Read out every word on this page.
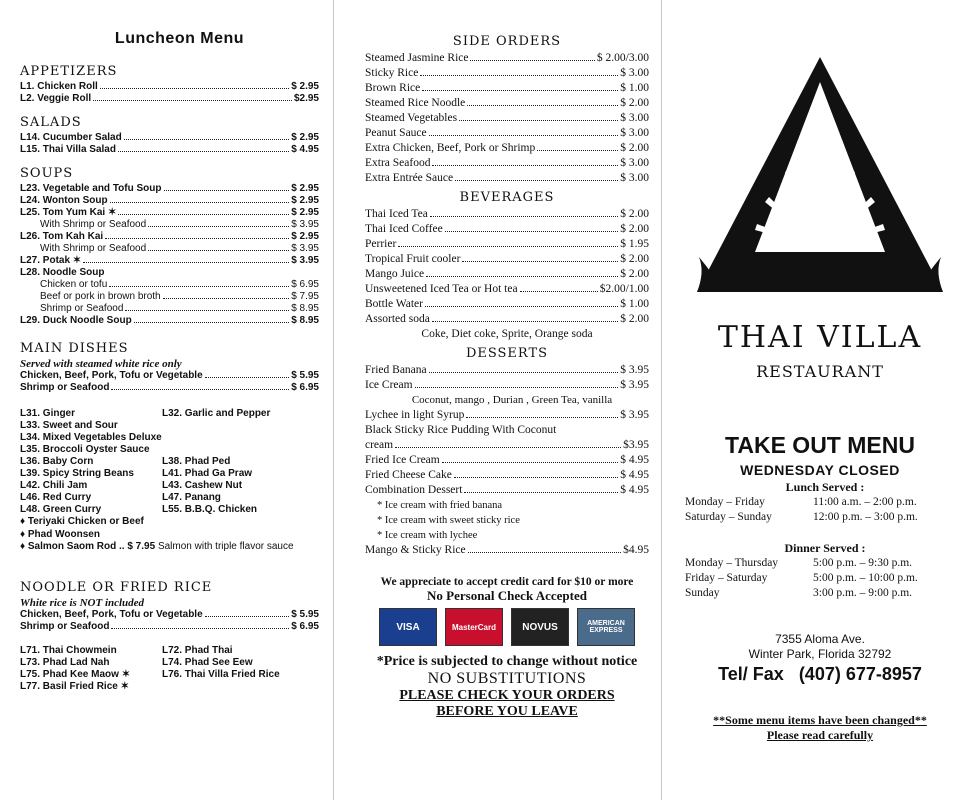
Luncheon Menu
APPETIZERS
L1. Chicken Roll	$ 2.95
L2. Veggie Roll	$2.95
SALADS
L14. Cucumber Salad	$ 2.95
L15. Thai Villa Salad	$ 4.95
SOUPS
L23. Vegetable and Tofu Soup	$ 2.95
L24. Wonton Soup	$ 2.95
L25. Tom Yum Kai ✶	$ 2.95
With Shrimp or Seafood	$ 3.95
L26. Tom Kah Kai	$ 2.95
With Shrimp or Seafood	$ 3.95
L27. Potak ✶	$ 3.95
L28. Noodle Soup
Chicken or tofu	$ 6.95
Beef or pork in brown broth	$ 7.95
Shrimp or Seafood	$ 8.95
L29. Duck Noodle Soup	$ 8.95
MAIN DISHES
Served with steamed white rice only
Chicken, Beef, Pork, Tofu or Vegetable	$ 5.95
Shrimp or Seafood	$ 6.95
L31. Ginger	L32. Garlic and Pepper
L33. Sweet and Sour
L34. Mixed Vegetables Deluxe
L35. Broccoli Oyster Sauce
L36. Baby Corn	L38. Phad Ped
L39. Spicy String Beans	L41. Phad Ga Praw
L42. Chili Jam	L43. Cashew Nut
L46. Red Curry	L47. Panang
L48. Green Curry	L55. B.B.Q. Chicken
♦ Teriyaki Chicken or Beef
♦ Phad Woonsen
♦ Salmon Saom Rod .. $ 7.95 Salmon with triple flavor sauce
NOODLE OR FRIED RICE
White rice is NOT included
Chicken, Beef, Pork, Tofu or Vegetable	$ 5.95
Shrimp or Seafood	$ 6.95
L71. Thai Chowmein	L72. Phad Thai
L73. Phad Lad Nah	L74. Phad See Eew
L75. Phad Kee Maow ✶	L76. Thai Villa Fried Rice
L77. Basil Fried Rice ✶
SIDE ORDERS
Steamed Jasmine Rice	$ 2.00/3.00
Sticky Rice	$ 3.00
Brown Rice	$ 1.00
Steamed Rice Noodle	$ 2.00
Steamed Vegetables	$ 3.00
Peanut Sauce	$ 3.00
Extra Chicken, Beef, Pork or Shrimp	$ 2.00
Extra Seafood	$ 3.00
Extra Entrée Sauce	$ 3.00
BEVERAGES
Thai Iced Tea	$ 2.00
Thai Iced Coffee	$ 2.00
Perrier	$ 1.95
Tropical Fruit cooler	$ 2.00
Mango Juice	$ 2.00
Unsweetened Iced Tea or Hot tea	$2.00/1.00
Bottle Water	$ 1.00
Assorted soda	$ 2.00
Coke, Diet coke, Sprite, Orange soda
DESSERTS
Fried Banana	$ 3.95
Ice Cream	$ 3.95
Coconut, mango , Durian , Green Tea, vanilla
Lychee in light Syrup	$ 3.95
Black Sticky Rice Pudding With Coconut
cream	$3.95
Fried Ice Cream	$ 4.95
Fried Cheese Cake	$ 4.95
Combination Dessert	$ 4.95
* Ice cream with fried banana
* Ice cream with sweet sticky rice
* Ice cream with lychee
Mango & Sticky Rice	$4.95
We appreciate to accept credit card for $10 or more
No Personal Check Accepted
VISA	MasterCard	NOVUS	AMERICAN EXPRESS
*Price is subjected to change without notice
NO SUBSTITUTIONS
PLEASE CHECK YOUR ORDERS
BEFORE YOU LEAVE
THAI VILLA
RESTAURANT
TAKE OUT MENU
WEDNESDAY CLOSED
Lunch Served :
Monday – Friday	11:00 a.m. – 2:00 p.m.
Saturday – Sunday	12:00 p.m. – 3:00 p.m.
Dinner Served :
Monday – Thursday	5:00 p.m. – 9:30 p.m.
Friday – Saturday	5:00 p.m. – 10:00 p.m.
Sunday	3:00 p.m. – 9:00 p.m.
7355 Aloma Ave.
Winter Park, Florida 32792
Tel/ Fax (407) 677-8957
**Some menu items have been changed**
Please read carefully
